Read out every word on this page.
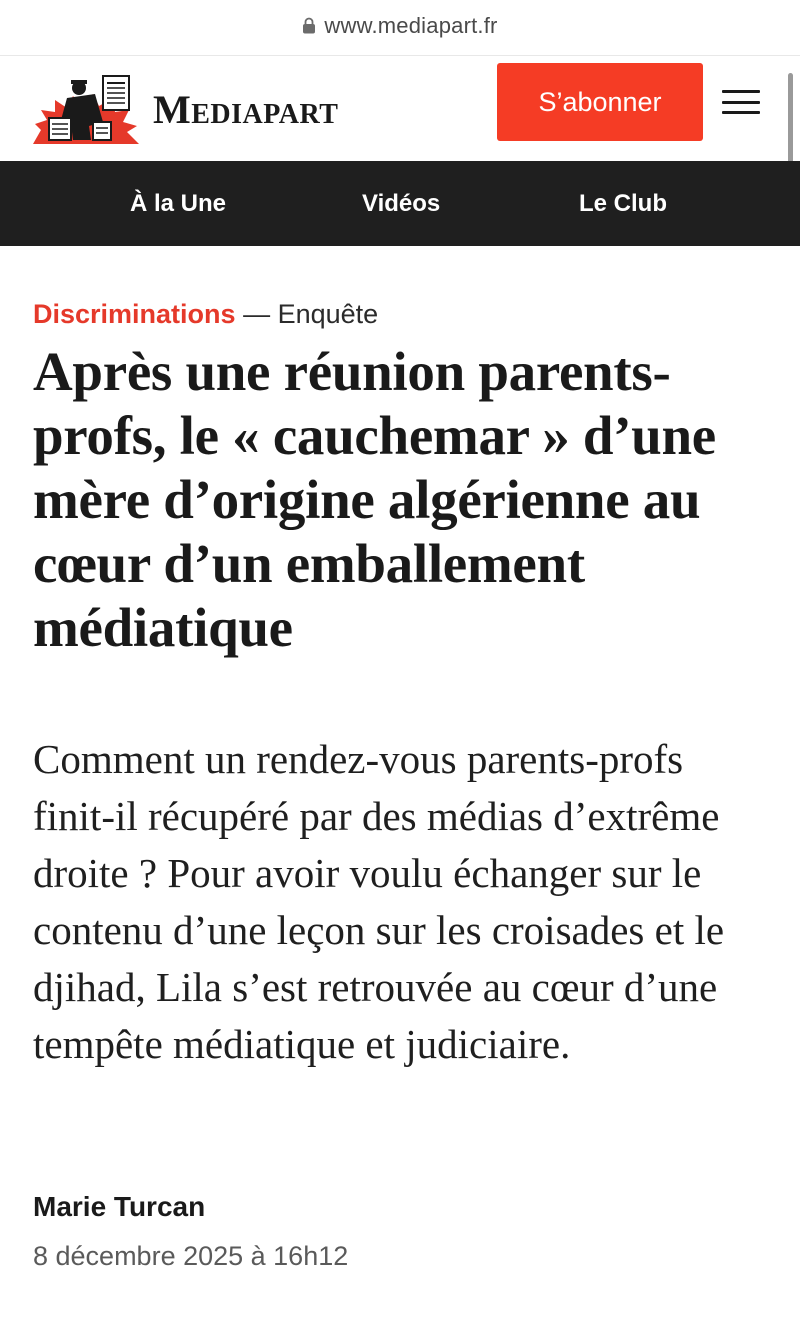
www.mediapart.fr
Mediapart	S’abonner
À la Une	Vidéos	Le Club
Discriminations — Enquête
Après une réunion parents-profs, le « cauchemar » d’une mère d’origine algérienne au cœur d’un emballement médiatique

Comment un rendez-vous parents-profs finit-il récupéré par des médias d’extrême droite ? Pour avoir voulu échanger sur le contenu d’une leçon sur les croisades et le djihad, Lila s’est retrouvée au cœur d’une tempête médiatique et judiciaire.

Marie Turcan
8 décembre 2025 à 16h12
